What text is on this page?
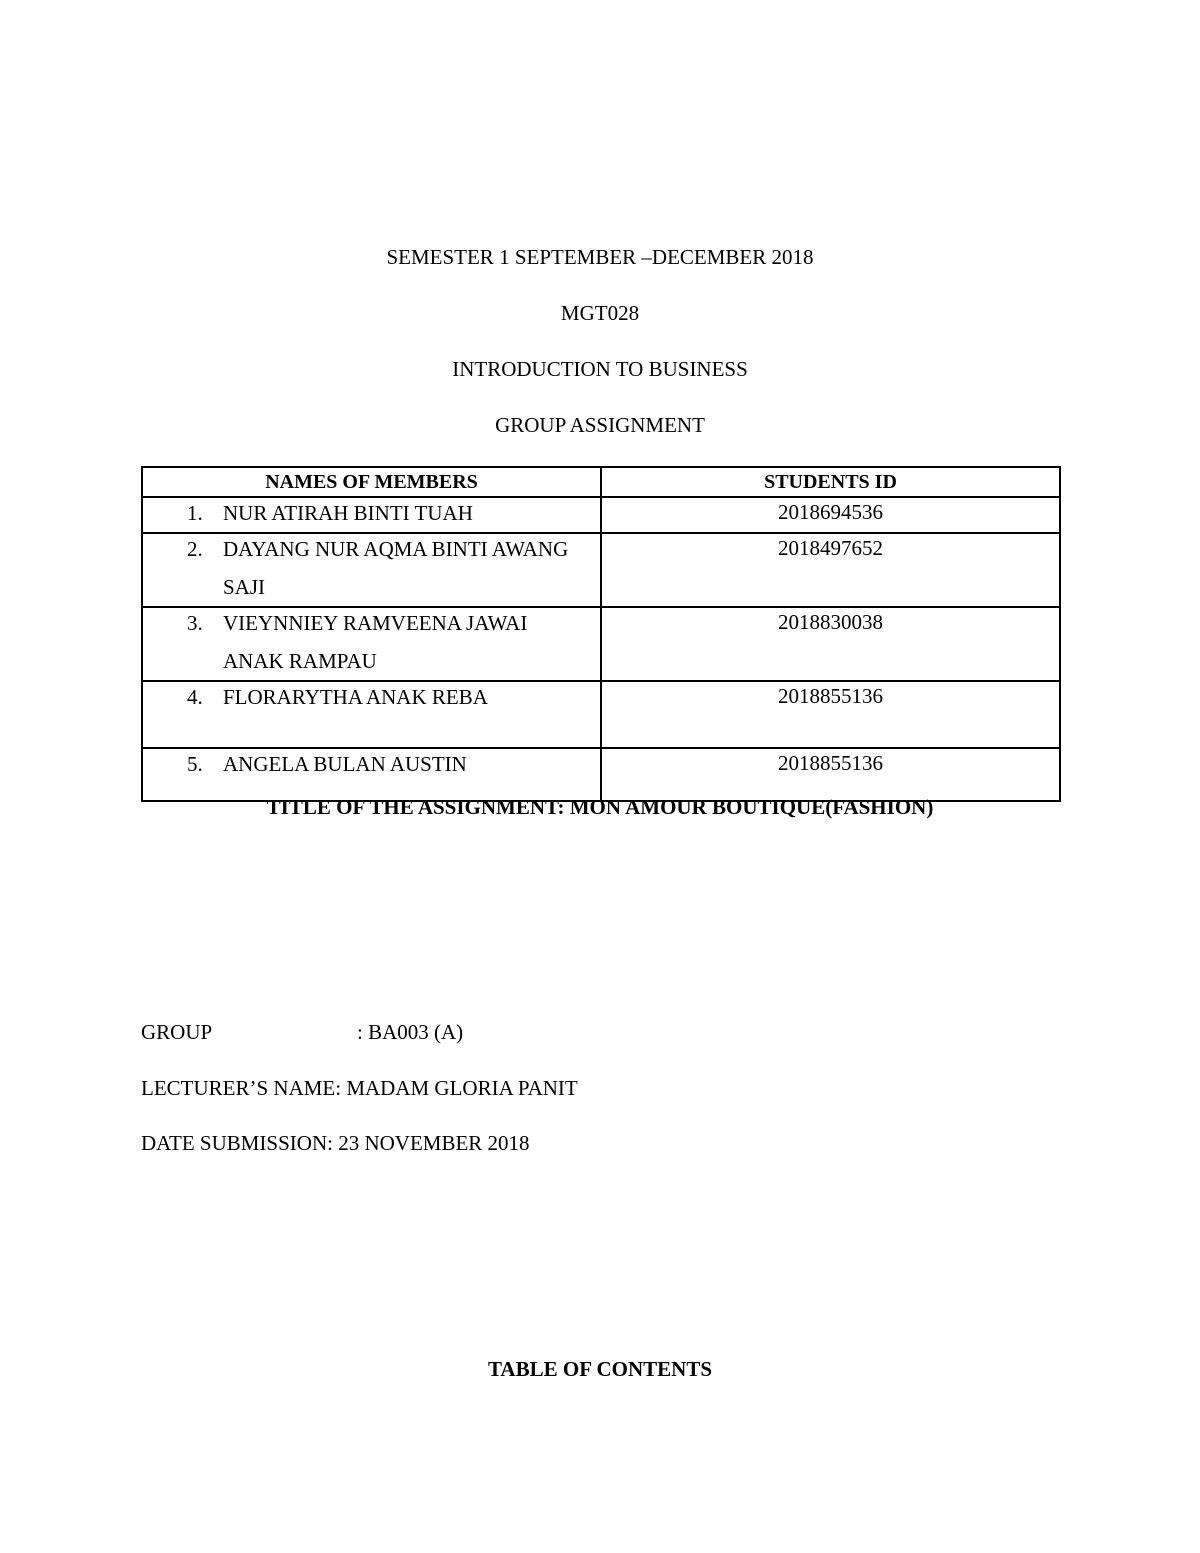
SEMESTER 1 SEPTEMBER –DECEMBER 2018
MGT028
INTRODUCTION TO BUSINESS
GROUP ASSIGNMENT
NAMES OF MEMBERS	STUDENTS ID

1. NUR ATIRAH BINTI TUAH	2018694536

2. DAYANG NUR AQMA BINTI AWANG SAJI	2018497652

3. VIEYNNIEY RAMVEENA JAWAI ANAK RAMPAU	2018830038

4. FLORARYTHA ANAK REBA	2018855136

5. ANGELA BULAN AUSTIN	2018855136
TITLE OF THE ASSIGNMENT: MON AMOUR BOUTIQUE(FASHION)
GROUP	: BA003 (A)
LECTURER’S NAME: MADAM GLORIA PANIT
DATE SUBMISSION: 23 NOVEMBER 2018
TABLE OF CONTENTS
